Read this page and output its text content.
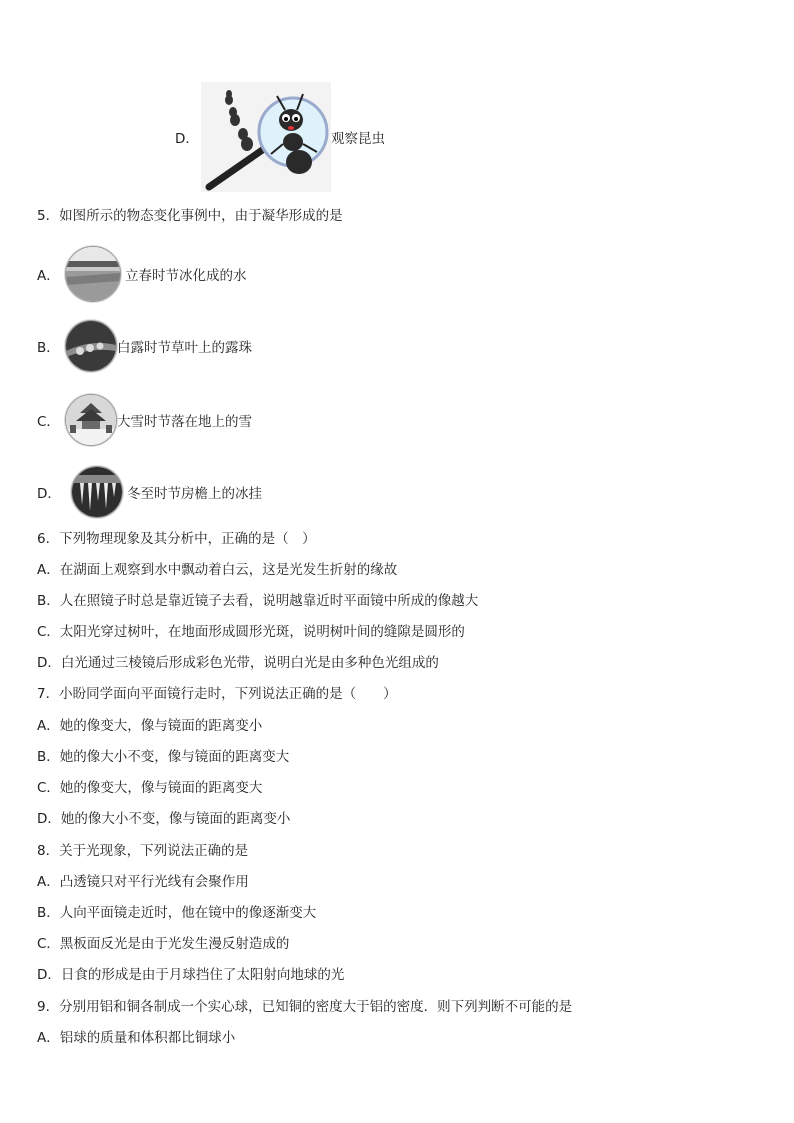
D．	观察昆虫
5．如图所示的物态变化事例中，由于凝华形成的是
A．	立春时节冰化成的水
B．	白露时节草叶上的露珠
C．	大雪时节落在地上的雪
D．	冬至时节房檐上的冰挂
6．下列物理现象及其分析中，正确的是（　）
A．在湖面上观察到水中飘动着白云，这是光发生折射的缘故
B．人在照镜子时总是靠近镜子去看，说明越靠近时平面镜中所成的像越大
C．太阳光穿过树叶，在地面形成圆形光斑，说明树叶间的缝隙是圆形的
D．白光通过三棱镜后形成彩色光带，说明白光是由多种色光组成的
7．小盼同学面向平面镜行走时，下列说法正确的是（　　）
A．她的像变大，像与镜面的距离变小
B．她的像大小不变，像与镜面的距离变大
C．她的像变大，像与镜面的距离变大
D．她的像大小不变，像与镜面的距离变小
8．关于光现象，下列说法正确的是
A．凸透镜只对平行光线有会聚作用
B．人向平面镜走近时，他在镜中的像逐渐变大
C．黑板面反光是由于光发生漫反射造成的
D．日食的形成是由于月球挡住了太阳射向地球的光
9．分别用铝和铜各制成一个实心球，已知铜的密度大于铝的密度．则下列判断不可能的是
A．铝球的质量和体积都比铜球小
